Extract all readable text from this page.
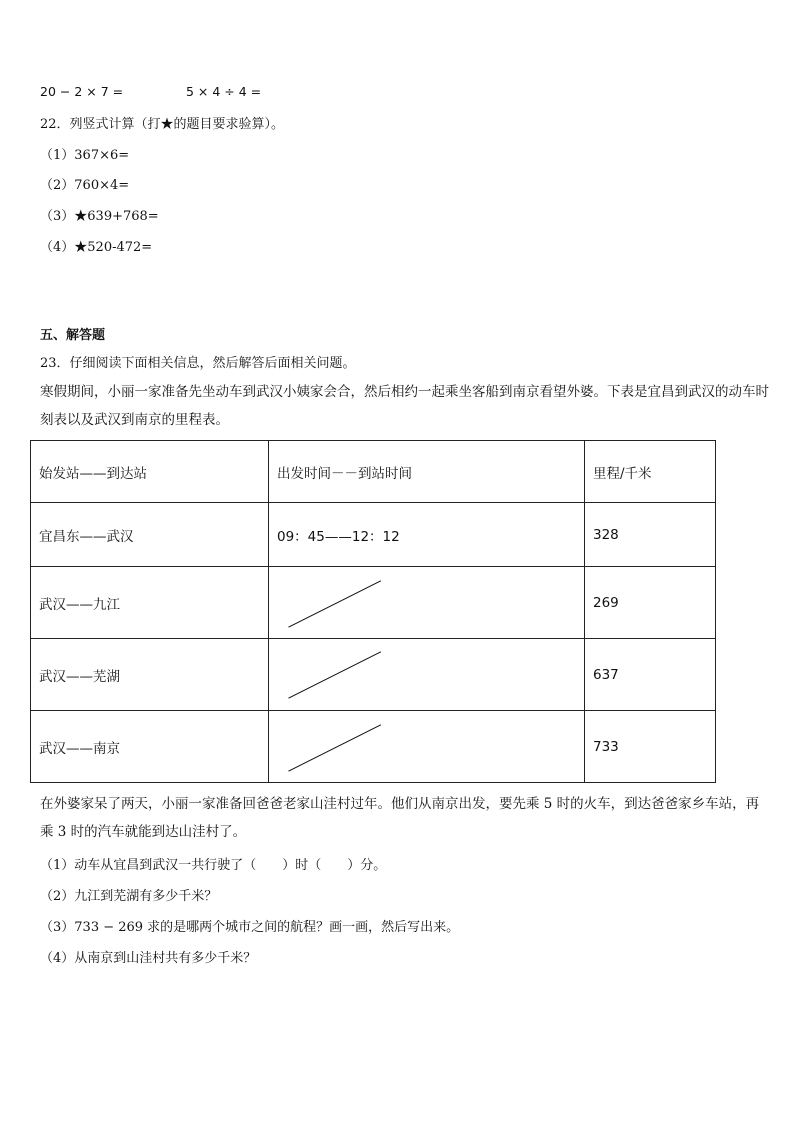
20 − 2 × 7 =	5 × 4 ÷ 4 =
22．列竖式计算（打★的题目要求验算）。
（1）367×6=
（2）760×4=
（3）★639+768=
（4）★520-472=
五、解答题
23．仔细阅读下面相关信息，然后解答后面相关问题。
寒假期间，小丽一家准备先坐动车到武汉小姨家会合，然后相约一起乘坐客船到南京看望外婆。下表是宜昌到武汉的动车时刻表以及武汉到南京的里程表。
始发站——到达站	出发时间－－到站时间	里程/千米
宜昌东——武汉	09：45——12：12	328
武汉——九江		269
武汉——芜湖		637
武汉——南京		733
在外婆家呆了两天，小丽一家准备回爸爸老家山洼村过年。他们从南京出发，要先乘 5 时的火车，到达爸爸家乡车站，再乘 3 时的汽车就能到达山洼村了。
（1）动车从宜昌到武汉一共行驶了（　　）时（　　）分。
（2）九江到芜湖有多少千米？
（3）733 − 269 求的是哪两个城市之间的航程？画一画，然后写出来。
（4）从南京到山洼村共有多少千米？
